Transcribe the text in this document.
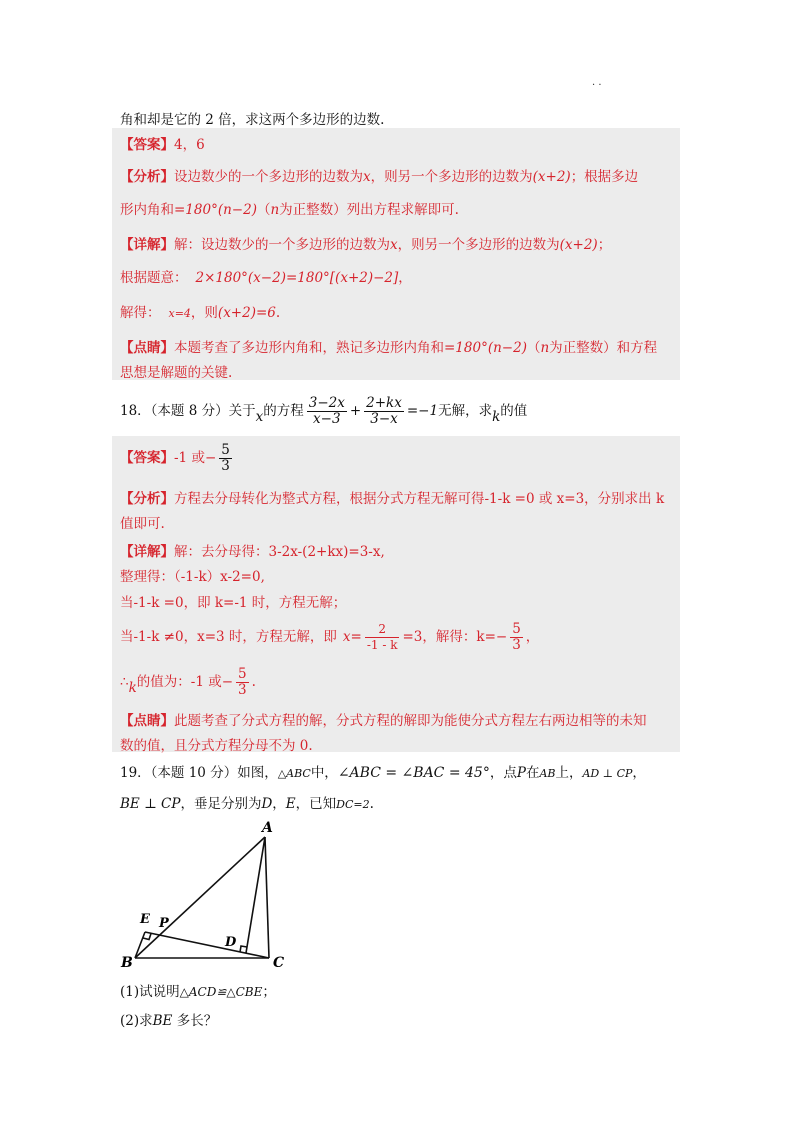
· ·
角和却是它的 2 倍，求这两个多边形的边数.
【答案】4，6
【分析】设边数少的一个多边形的边数为x，则另一个多边形的边数为(x+2)；根据多边
形内角和=180°(n−2)（n为正整数）列出方程求解即可.
【详解】解：设边数少的一个多边形的边数为x，则另一个多边形的边数为(x+2)；
根据题意： 2×180°(x−2)=180°[(x+2)−2]，
解得： x=4，则(x+2)=6.
【点睛】本题考查了多边形内角和，熟记多边形内角和=180°(n−2)（n为正整数）和方程
思想是解题的关键.
18．（本题 8 分）关于x的方程 $\frac{3-2x}{x-3} + \frac{2+kx}{3-x} =-1$无解，求k的值
【答案】-1 或− $\frac{5}{3}$
【分析】方程去分母转化为整式方程，根据分式方程无解可得-1-k =0 或 x=3，分别求出 k
值即可.
【详解】解：去分母得：3-2x-(2+kx)=3-x,
整理得：（-1-k）x-2=0,
当-1-k =0，即 k=-1 时，方程无解；
当-1-k ≠0，x=3 时，方程无解，即 $x= \frac{2}{-1 - k} =3$，解得：$k=- \frac{5}{3}$ ，
∴k的值为：-1 或− $\frac{5}{3}$ .
【点睛】此题考查了分式方程的解，分式方程的解即为能使分式方程左右两边相等的未知
数的值，且分式方程分母不为 0.
19．（本题 10 分）如图，△ABC中，∠ABC = ∠BAC = 45°，点P在AB上，AD ⊥ CP，
BE ⊥ CP，垂足分别为D，E，已知DC=2.
A
B	C
D
E P
(1)试说明△ACD≌△CBE；
(2)求BE 多长？
